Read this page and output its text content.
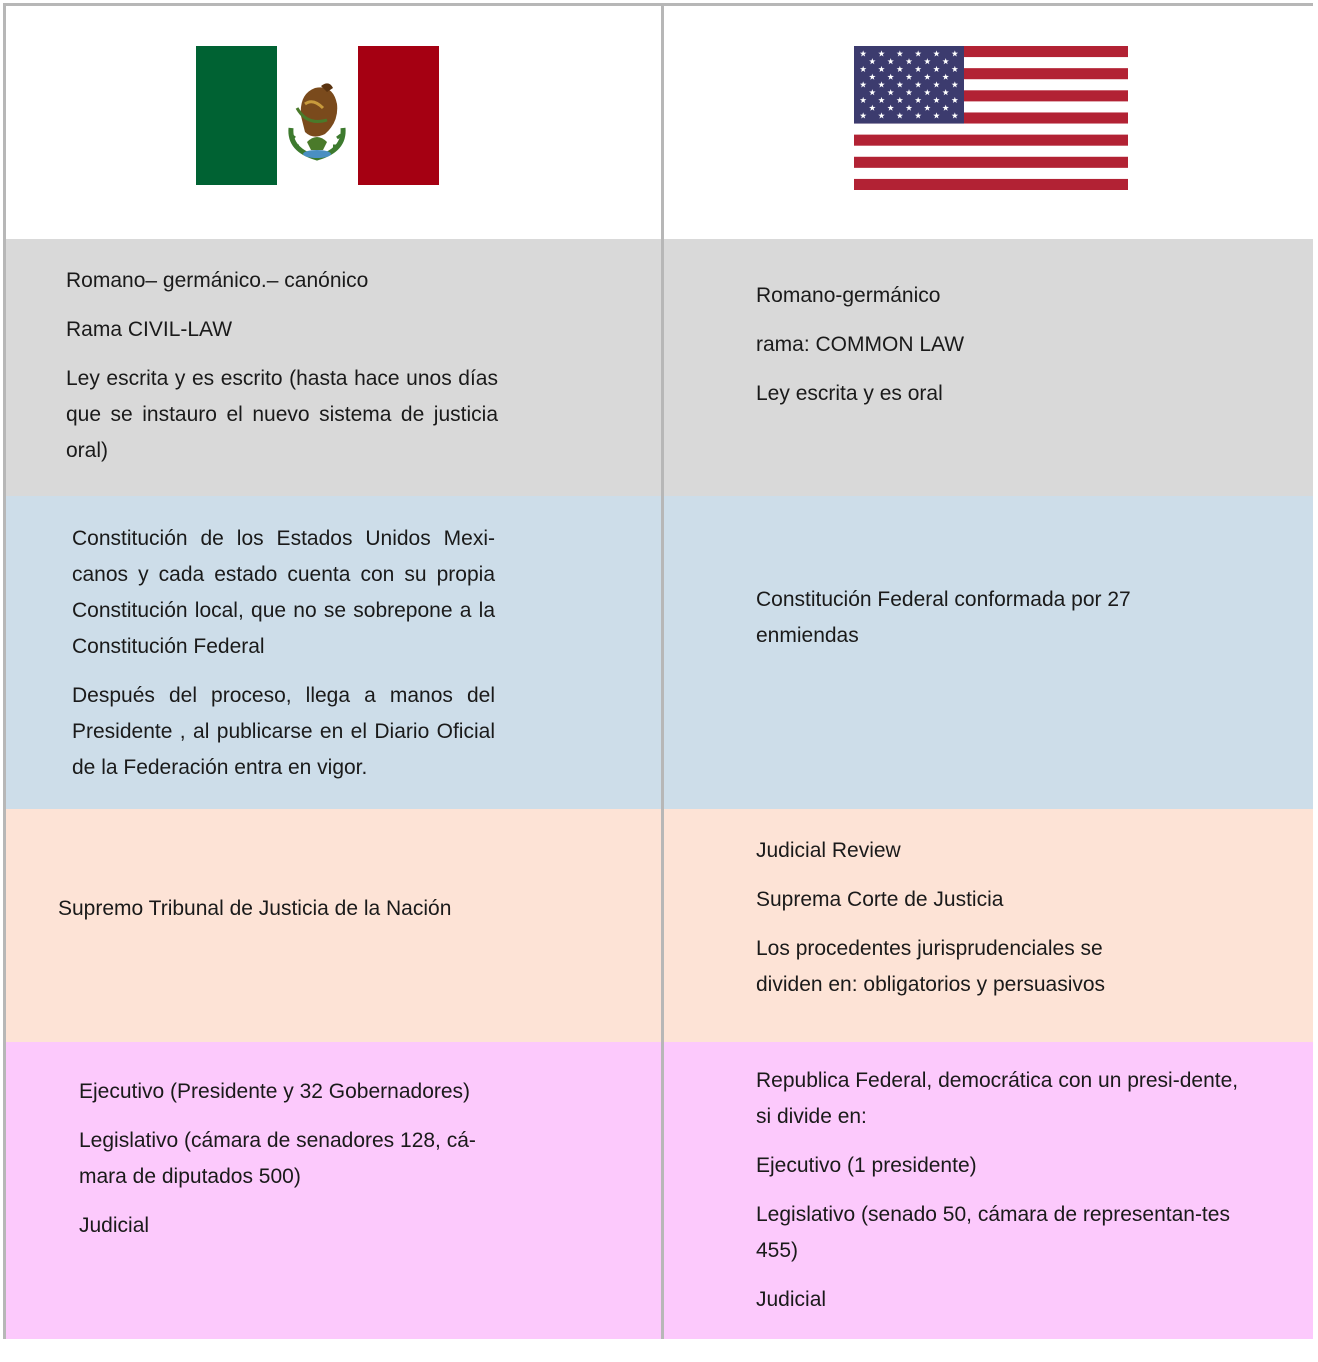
Romano– germánico.– canónico

Rama CIVIL-LAW

Ley escrita y es escrito (hasta hace unos días que se instauro el nuevo sistema de justicia oral)

Romano-germánico

rama: COMMON LAW

Ley escrita y es oral

Constitución de los Estados Unidos Mexi-canos y cada estado cuenta con su propia Constitución local, que no se sobrepone a la Constitución Federal

Después del proceso, llega a manos del Presidente , al publicarse en el Diario Oficial de la Federación entra en vigor.

Constitución Federal conformada por 27 enmiendas

Supremo Tribunal de Justicia de la Nación

Judicial Review

Suprema Corte de Justicia

Los procedentes jurisprudenciales se dividen en: obligatorios y persuasivos

Ejecutivo (Presidente y 32 Gobernadores)

Legislativo (cámara de senadores 128, cá-mara de diputados 500)

Judicial

Republica Federal, democrática con un presi-dente, si divide en:

Ejecutivo (1 presidente)

Legislativo (senado 50, cámara de representan-tes 455)

Judicial
